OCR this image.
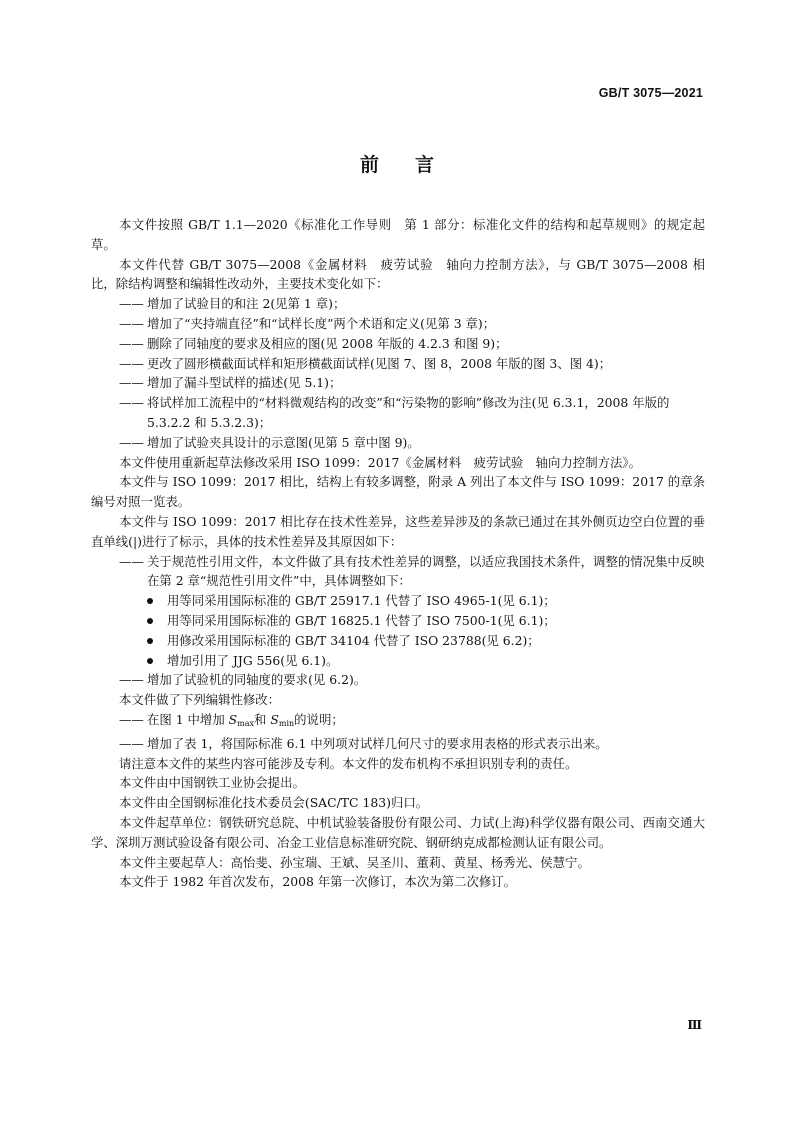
GB/T 3075—2021
前 言

本文件按照 GB/T 1.1—2020《标准化工作导则　第 1 部分：标准化文件的结构和起草规则》的规定起草。

本文件代替 GB/T 3075—2008《金属材料　疲劳试验　轴向力控制方法》，与 GB/T 3075—2008 相比，除结构调整和编辑性改动外，主要技术变化如下：

—— 增加了试验目的和注 2(见第 1 章)；

—— 增加了“夹持端直径”和“试样长度”两个术语和定义(见第 3 章)；

—— 删除了同轴度的要求及相应的图(见 2008 年版的 4.2.3 和图 9)；

—— 更改了圆形横截面试样和矩形横截面试样(见图 7、图 8，2008 年版的图 3、图 4)；

—— 增加了漏斗型试样的描述(见 5.1)；

—— 将试样加工流程中的“材料微观结构的改变”和“污染物的影响”修改为注(见 6.3.1，2008 年版的 5.3.2.2 和 5.3.2.3)；

—— 增加了试验夹具设计的示意图(见第 5 章中图 9)。

本文件使用重新起草法修改采用 ISO 1099：2017《金属材料　疲劳试验　轴向力控制方法》。

本文件与 ISO 1099：2017 相比，结构上有较多调整，附录 A 列出了本文件与 ISO 1099：2017 的章条编号对照一览表。

本文件与 ISO 1099：2017 相比存在技术性差异，这些差异涉及的条款已通过在其外侧页边空白位置的垂直单线(|)进行了标示，具体的技术性差异及其原因如下：

—— 关于规范性引用文件，本文件做了具有技术性差异的调整，以适应我国技术条件，调整的情况集中反映在第 2 章“规范性引用文件”中，具体调整如下：

用等同采用国际标准的 GB/T 25917.1 代替了 ISO 4965-1(见 6.1)；

用等同采用国际标准的 GB/T 16825.1 代替了 ISO 7500-1(见 6.1)；

用修改采用国际标准的 GB/T 34104 代替了 ISO 23788(见 6.2)；

增加引用了 JJG 556(见 6.1)。

—— 增加了试验机的同轴度的要求(见 6.2)。

本文件做了下列编辑性修改：

—— 在图 1 中增加 $S_{max}$和 $S_{min}$的说明；

—— 增加了表 1，将国际标准 6.1 中列项对试样几何尺寸的要求用表格的形式表示出来。

请注意本文件的某些内容可能涉及专利。本文件的发布机构不承担识别专利的责任。

本文件由中国钢铁工业协会提出。

本文件由全国钢标准化技术委员会(SAC/TC 183)归口。

本文件起草单位：钢铁研究总院、中机试验装备股份有限公司、力试(上海)科学仪器有限公司、西南交通大学、深圳万测试验设备有限公司、冶金工业信息标准研究院、钢研纳克成都检测认证有限公司。

本文件主要起草人：高怡斐、孙宝瑞、王斌、吴圣川、董莉、黄星、杨秀光、侯慧宁。

本文件于 1982 年首次发布，2008 年第一次修订，本次为第二次修订。

Ⅲ
